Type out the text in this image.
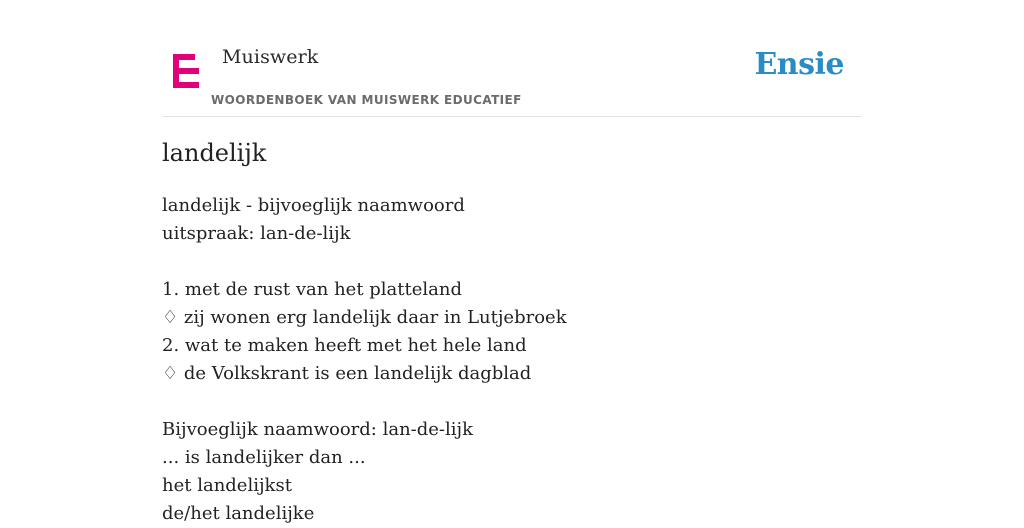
Muiswerk
WOORDENBOEK VAN MUISWERK EDUCATIEF
Ensie
landelijk
landelijk - bijvoeglijk naamwoord
uitspraak: lan-de-lijk
1. met de rust van het platteland
♢ zij wonen erg landelijk daar in Lutjebroek
2. wat te maken heeft met het hele land
♢ de Volkskrant is een landelijk dagblad
Bijvoeglijk naamwoord: lan-de-lijk
... is landelijker dan ...
het landelijkst
de/het landelijke
